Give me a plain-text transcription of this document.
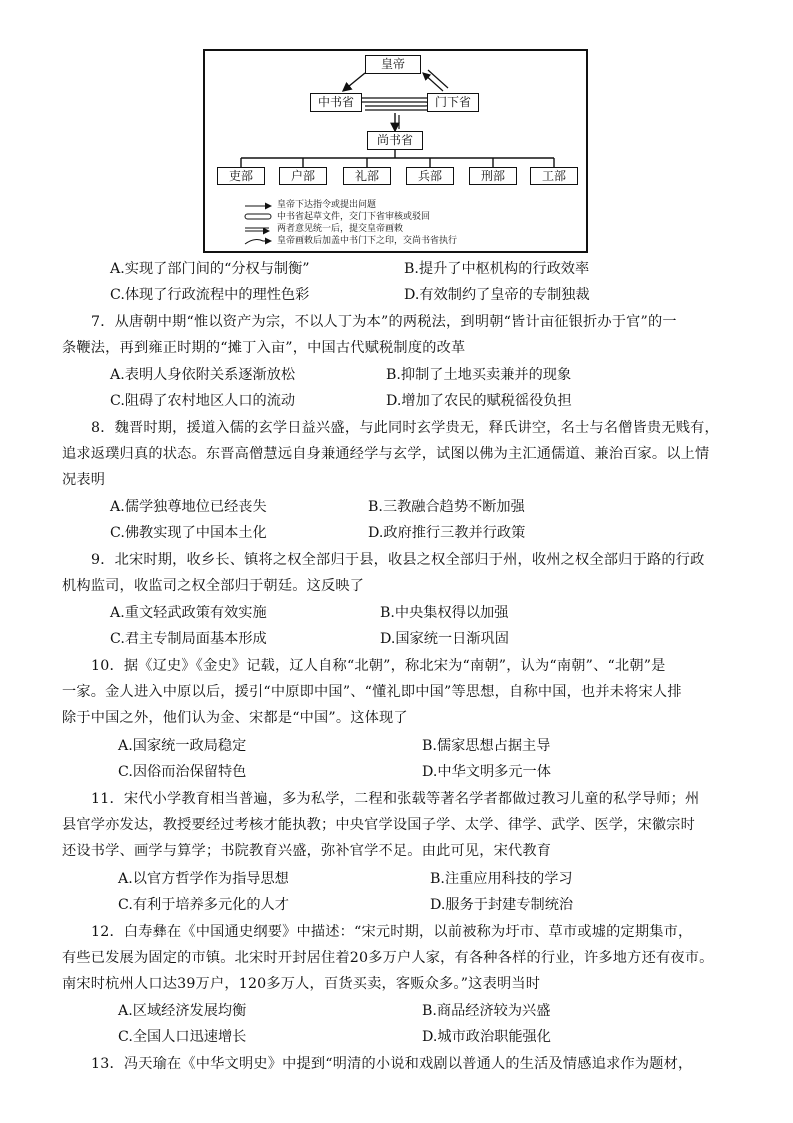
皇帝
中书省	门下省
尚书省
吏部	户部	礼部	兵部	刑部	工部
皇帝下达指令或提出问题
中书省起草文件，交门下省审核或驳回
两者意见统一后，提交皇帝画敕
皇帝画敕后加盖中书门下之印，交尚书省执行
A.实现了部门间的“分权与制衡”	B.提升了中枢机构的行政效率
C.体现了行政流程中的理性色彩	D.有效制约了皇帝的专制独裁
7．从唐朝中期“惟以资产为宗，不以人丁为本”的两税法，到明朝“皆计亩征银折办于官”的一
条鞭法，再到雍正时期的“摊丁入亩”，中国古代赋税制度的改革
A.表明人身依附关系逐渐放松	B.抑制了土地买卖兼并的现象
C.阻碍了农村地区人口的流动	D.增加了农民的赋税徭役负担
8．魏晋时期，援道入儒的玄学日益兴盛，与此同时玄学贵无，释氏讲空，名士与名僧皆贵无贱有，
追求返璞归真的状态。东晋高僧慧远自身兼通经学与玄学，试图以佛为主汇通儒道、兼治百家。以上情
况表明
A.儒学独尊地位已经丧失	B.三教融合趋势不断加强
C.佛教实现了中国本土化	D.政府推行三教并行政策
9．北宋时期，收乡长、镇将之权全部归于县，收县之权全部归于州，收州之权全部归于路的行政
机构监司，收监司之权全部归于朝廷。这反映了
A.重文轻武政策有效实施	B.中央集权得以加强
C.君主专制局面基本形成	D.国家统一日渐巩固
10．据《辽史》《金史》记载，辽人自称“北朝”，称北宋为“南朝”，认为“南朝”、“北朝”是
一家。金人进入中原以后，援引“中原即中国”、“懂礼即中国”等思想，自称中国，也并未将宋人排
除于中国之外，他们认为金、宋都是“中国”。这体现了
A.国家统一政局稳定	B.儒家思想占据主导
C.因俗而治保留特色	D.中华文明多元一体
11．宋代小学教育相当普遍，多为私学，二程和张载等著名学者都做过教习儿童的私学导师；州
县官学亦发达，教授要经过考核才能执教；中央官学设国子学、太学、律学、武学、医学，宋徽宗时
还设书学、画学与算学；书院教育兴盛，弥补官学不足。由此可见，宋代教育
A.以官方哲学作为指导思想	B.注重应用科技的学习
C.有利于培养多元化的人才	D.服务于封建专制统治
12．白寿彝在《中国通史纲要》中描述：“宋元时期，以前被称为圩市、草市或墟的定期集市，
有些已发展为固定的市镇。北宋时开封居住着20多万户人家，有各种各样的行业，许多地方还有夜市。
南宋时杭州人口达39万户，120多万人，百货买卖，客贩众多。”这表明当时
A.区域经济发展均衡	B.商品经济较为兴盛
C.全国人口迅速增长	D.城市政治职能强化
13．冯天瑜在《中华文明史》中提到“明清的小说和戏剧以普通人的生活及情感追求作为题材，
